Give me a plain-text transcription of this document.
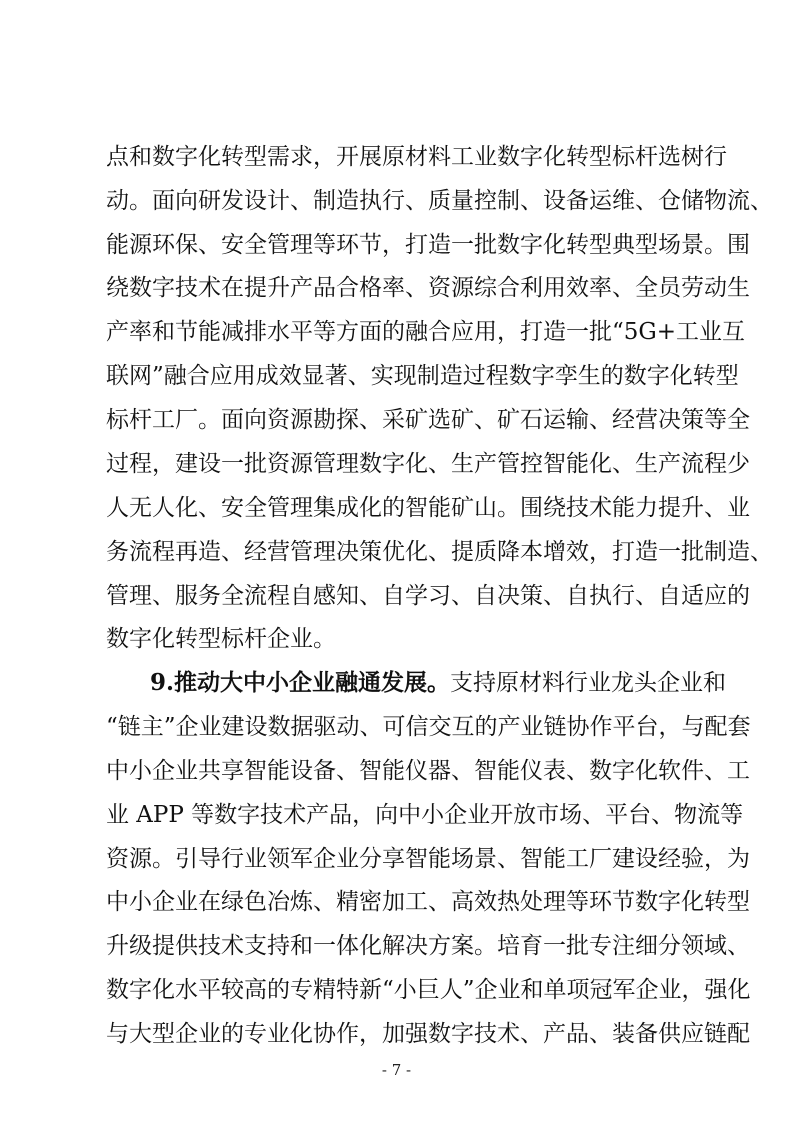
点和数字化转型需求，开展原材料工业数字化转型标杆选树行
动。面向研发设计、制造执行、质量控制、设备运维、仓储物流、
能源环保、安全管理等环节，打造一批数字化转型典型场景。围
绕数字技术在提升产品合格率、资源综合利用效率、全员劳动生
产率和节能减排水平等方面的融合应用，打造一批“5G+工业互
联网”融合应用成效显著、实现制造过程数字孪生的数字化转型
标杆工厂。面向资源勘探、采矿选矿、矿石运输、经营决策等全
过程，建设一批资源管理数字化、生产管控智能化、生产流程少
人无人化、安全管理集成化的智能矿山。围绕技术能力提升、业
务流程再造、经营管理决策优化、提质降本增效，打造一批制造、
管理、服务全流程自感知、自学习、自决策、自执行、自适应的
数字化转型标杆企业。
9.推动大中小企业融通发展。支持原材料行业龙头企业和
“链主”企业建设数据驱动、可信交互的产业链协作平台，与配套
中小企业共享智能设备、智能仪器、智能仪表、数字化软件、工
业 APP 等数字技术产品，向中小企业开放市场、平台、物流等
资源。引导行业领军企业分享智能场景、智能工厂建设经验，为
中小企业在绿色冶炼、精密加工、高效热处理等环节数字化转型
升级提供技术支持和一体化解决方案。培育一批专注细分领域、
数字化水平较高的专精特新“小巨人”企业和单项冠军企业，强化
- 7 -
与大型企业的专业化协作，加强数字技术、产品、装备供应链配
